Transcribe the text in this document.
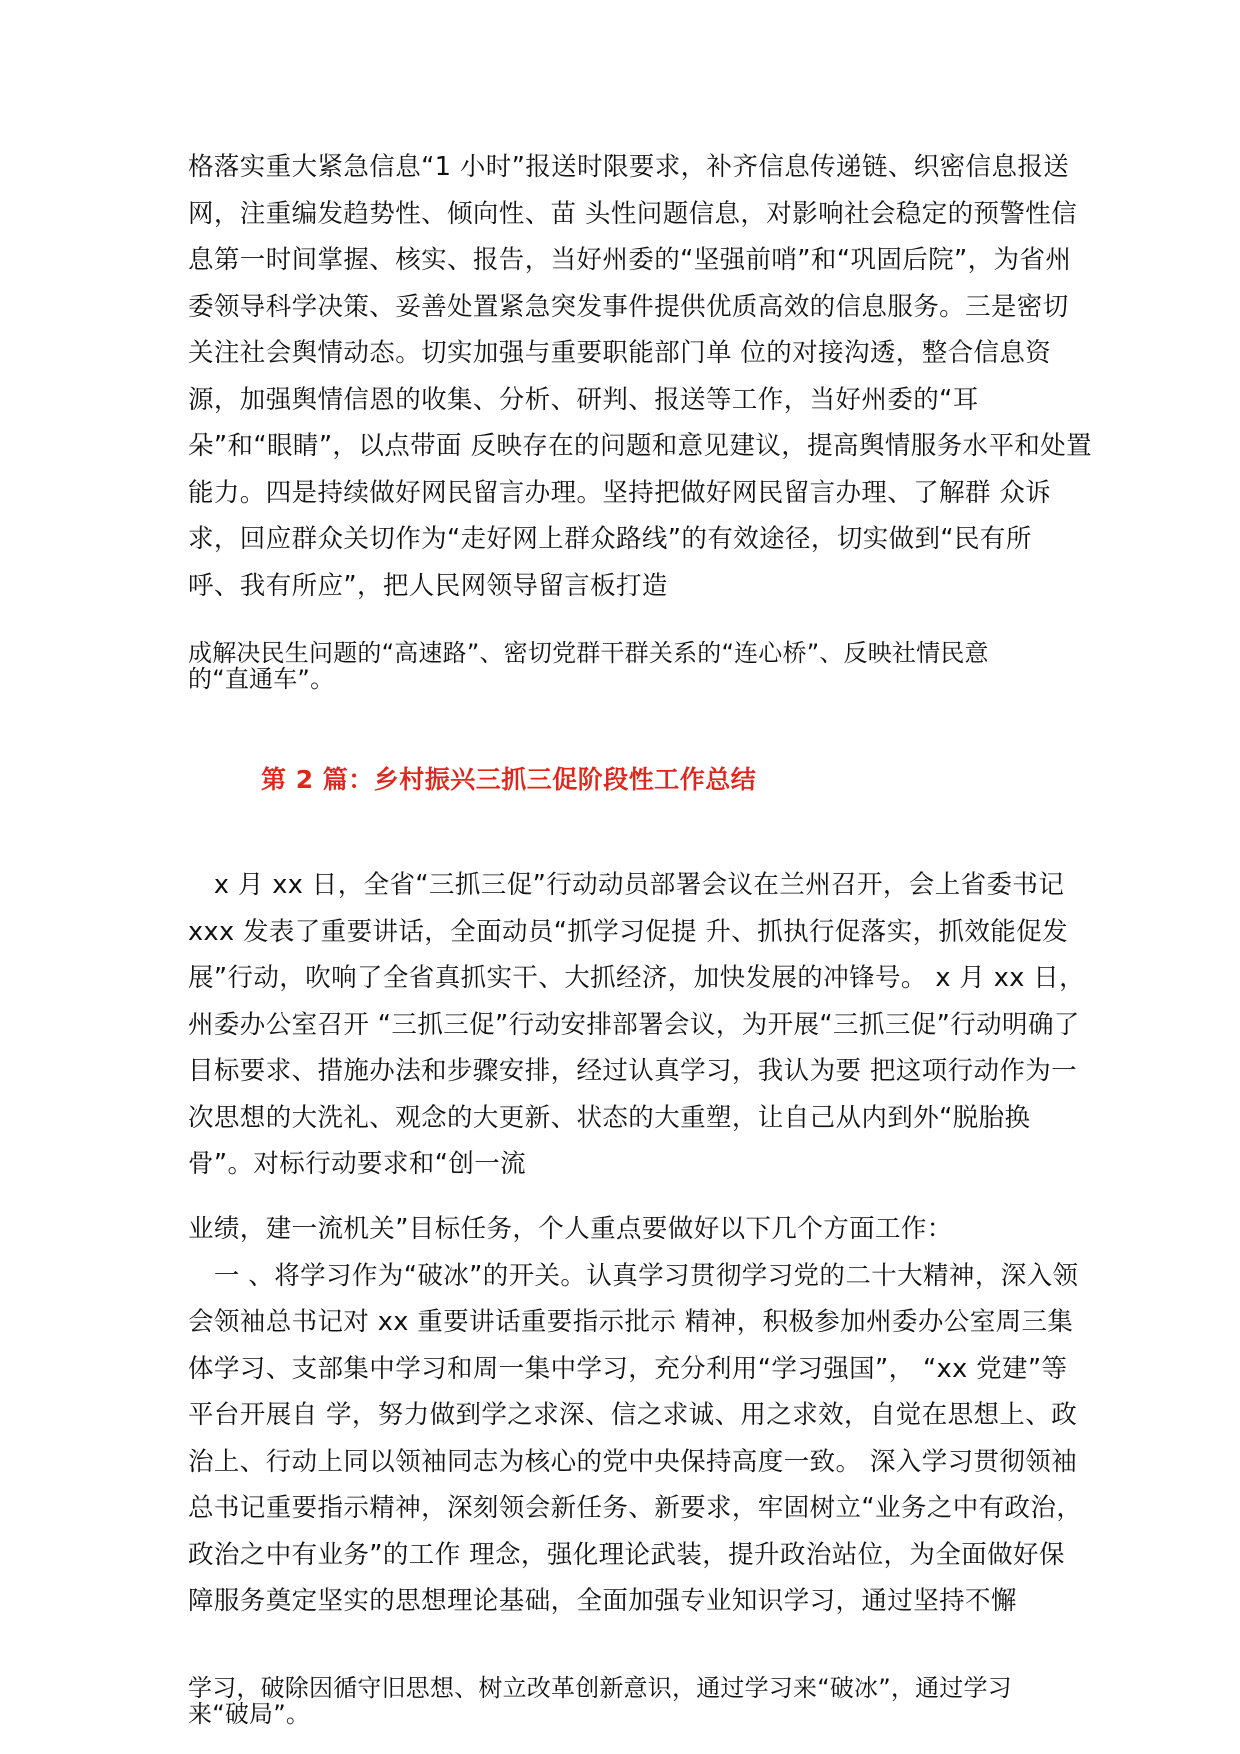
格落实重大紧急信息“1 小时”报送时限要求，补齐信息传递链、织密信息报送
网，注重编发趋势性、倾向性、苗 头性问题信息，对影响社会稳定的预警性信
息第一时间掌握、核实、报告，当好州委的“坚强前哨”和“巩固后院”，为省州
委领导科学决策、妥善处置紧急突发事件提供优质高效的信息服务。三是密切
关注社会舆情动态。切实加强与重要职能部门单 位的对接沟透，整合信息资
源，加强舆情信恩的收集、分析、研判、报送等工作，当好州委的“耳
朵”和“眼睛”，以点带面 反映存在的问题和意见建议，提高舆情服务水平和处置
能力。四是持续做好网民留言办理。坚持把做好网民留言办理、了解群 众诉
求，回应群众关切作为“走好网上群众路线”的有效途径，切实做到“民有所
呼、我有所应”，把人民网领导留言板打造
成解决民生问题的“高速路”、密切党群干群关系的“连心桥”、反映社情民意
的“直通车”。
第 2 篇：乡村振兴三抓三促阶段性工作总结
　x 月 xx 日，全省“三抓三促”行动动员部署会议在兰州召开，会上省委书记
xxx 发表了重要讲话，全面动员“抓学习促提 升、抓执行促落实，抓效能促发
展”行动，吹响了全省真抓实干、大抓经济，加快发展的冲锋号。 x 月 xx 日，
州委办公室召开 “三抓三促”行动安排部署会议，为开展“三抓三促”行动明确了
目标要求、措施办法和步骤安排，经过认真学习，我认为要 把这项行动作为一
次思想的大洗礼、观念的大更新、状态的大重塑，让自己从内到外“脱胎换
骨”。对标行动要求和“创一流
业绩，建一流机关”目标任务，个人重点要做好以下几个方面工作：
　一 、将学习作为“破冰”的开关。认真学习贯彻学习党的二十大精神，深入领
会领袖总书记对 xx 重要讲话重要指示批示 精神，积极参加州委办公室周三集
体学习、支部集中学习和周一集中学习，充分利用“学习强国”， “xx 党建”等
平台开展自 学，努力做到学之求深、信之求诚、用之求效，自觉在思想上、政
治上、行动上同以领袖同志为核心的党中央保持高度一致。 深入学习贯彻领袖
总书记重要指示精神，深刻领会新任务、新要求，牢固树立“业务之中有政治，
政治之中有业务”的工作 理念，强化理论武装，提升政治站位，为全面做好保
障服务奠定坚实的思想理论基础，全面加强专业知识学习，通过坚持不懈
学习，破除因循守旧思想、树立改革创新意识，通过学习来“破冰”，通过学习
来“破局”。
